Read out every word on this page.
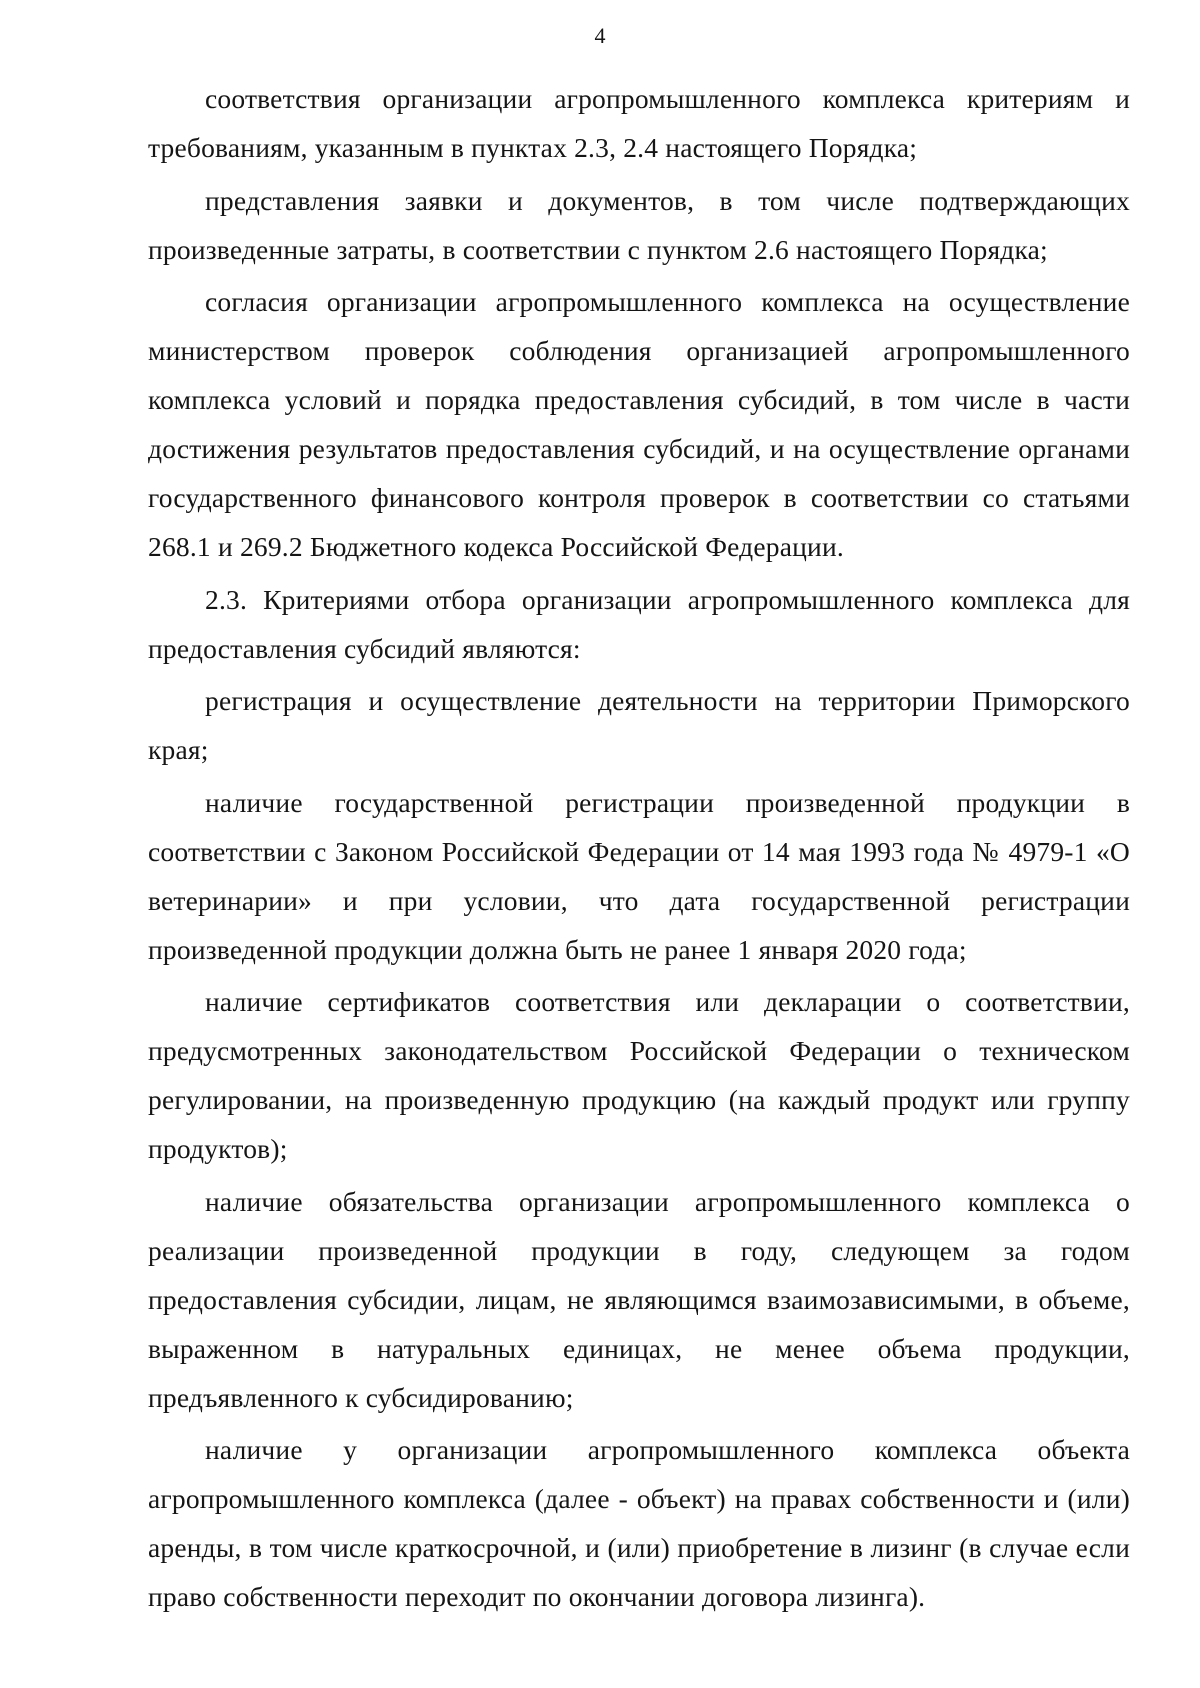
4

соответствия организации агропромышленного комплекса критериям и требованиям, указанным в пунктах 2.3, 2.4 настоящего Порядка;

представления заявки и документов, в том числе подтверждающих произведенные затраты, в соответствии с пунктом 2.6 настоящего Порядка;

согласия организации агропромышленного комплекса на осуществление министерством проверок соблюдения организацией агропромышленного комплекса условий и порядка предоставления субсидий, в том числе в части достижения результатов предоставления субсидий, и на осуществление органами государственного финансового контроля проверок в соответствии со статьями 268.1 и 269.2 Бюджетного кодекса Российской Федерации.

2.3. Критериями отбора организации агропромышленного комплекса для предоставления субсидий являются:

регистрация и осуществление деятельности на территории Приморского края;

наличие государственной регистрации произведенной продукции в соответствии с Законом Российской Федерации от 14 мая 1993 года № 4979-1 «О ветеринарии» и при условии, что дата государственной регистрации произведенной продукции должна быть не ранее 1 января 2020 года;

наличие сертификатов соответствия или декларации о соответствии, предусмотренных законодательством Российской Федерации о техническом регулировании, на произведенную продукцию (на каждый продукт или группу продуктов);

наличие обязательства организации агропромышленного комплекса о реализации произведенной продукции в году, следующем за годом предоставления субсидии, лицам, не являющимся взаимозависимыми, в объеме, выраженном в натуральных единицах, не менее объема продукции, предъявленного к субсидированию;

наличие у организации агропромышленного комплекса объекта агропромышленного комплекса (далее - объект) на правах собственности и (или) аренды, в том числе краткосрочной, и (или) приобретение в лизинг (в случае если право собственности переходит по окончании договора лизинга).
